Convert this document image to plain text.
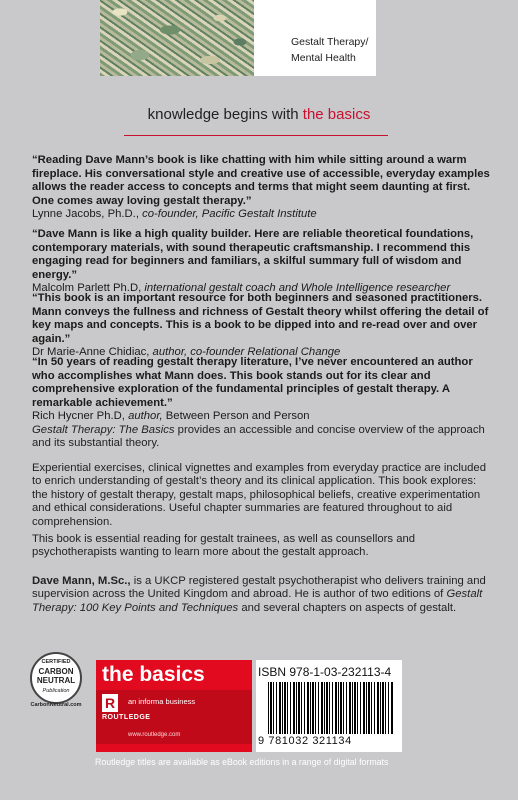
Gestalt Therapy/
Mental Health
knowledge begins with the basics
“Reading Dave Mann’s book is like chatting with him while sitting around a warm fireplace. His conversational style and creative use of accessible, everyday examples allows the reader access to concepts and terms that might seem daunting at first. One comes away loving gestalt therapy.”
Lynne Jacobs, Ph.D., co-founder, Pacific Gestalt Institute
“Dave Mann is like a high quality builder. Here are reliable theoretical foundations, contemporary materials, with sound therapeutic craftsmanship. I recommend this engaging read for beginners and familiars, a skilful summary full of wisdom and energy.”
Malcolm Parlett Ph.D, international gestalt coach and Whole Intelligence researcher
“This book is an important resource for both beginners and seasoned practitioners. Mann conveys the fullness and richness of Gestalt theory whilst offering the detail of key maps and concepts. This is a book to be dipped into and re-read over and over again.”
Dr Marie-Anne Chidiac, author, co-founder Relational Change
“In 50 years of reading gestalt therapy literature, I’ve never encountered an author who accomplishes what Mann does. This book stands out for its clear and comprehensive exploration of the fundamental principles of gestalt therapy. A remarkable achievement.”
Rich Hycner Ph.D, author, Between Person and Person
Gestalt Therapy: The Basics provides an accessible and concise overview of the approach and its substantial theory.
Experiential exercises, clinical vignettes and examples from everyday practice are included to enrich understanding of gestalt’s theory and its clinical application. This book explores: the history of gestalt therapy, gestalt maps, philosophical beliefs, creative experimentation and ethical considerations. Useful chapter summaries are featured throughout to aid comprehension.
This book is essential reading for gestalt trainees, as well as counsellors and psychotherapists wanting to learn more about the gestalt approach.
Dave Mann, M.Sc., is a UKCP registered gestalt psychotherapist who delivers training and supervision across the United Kingdom and abroad. He is author of two editions of Gestalt Therapy: 100 Key Points and Techniques and several chapters on aspects of gestalt.
CERTIFIED
CARBON
NEUTRAL
Publication
CarbonNeutral.com
the basics
R
ROUTLEDGE
an informa business
www.routledge.com
ISBN 978-1-03-232113-4
9 781032 321134
Routledge titles are available as eBook editions in a range of digital formats
